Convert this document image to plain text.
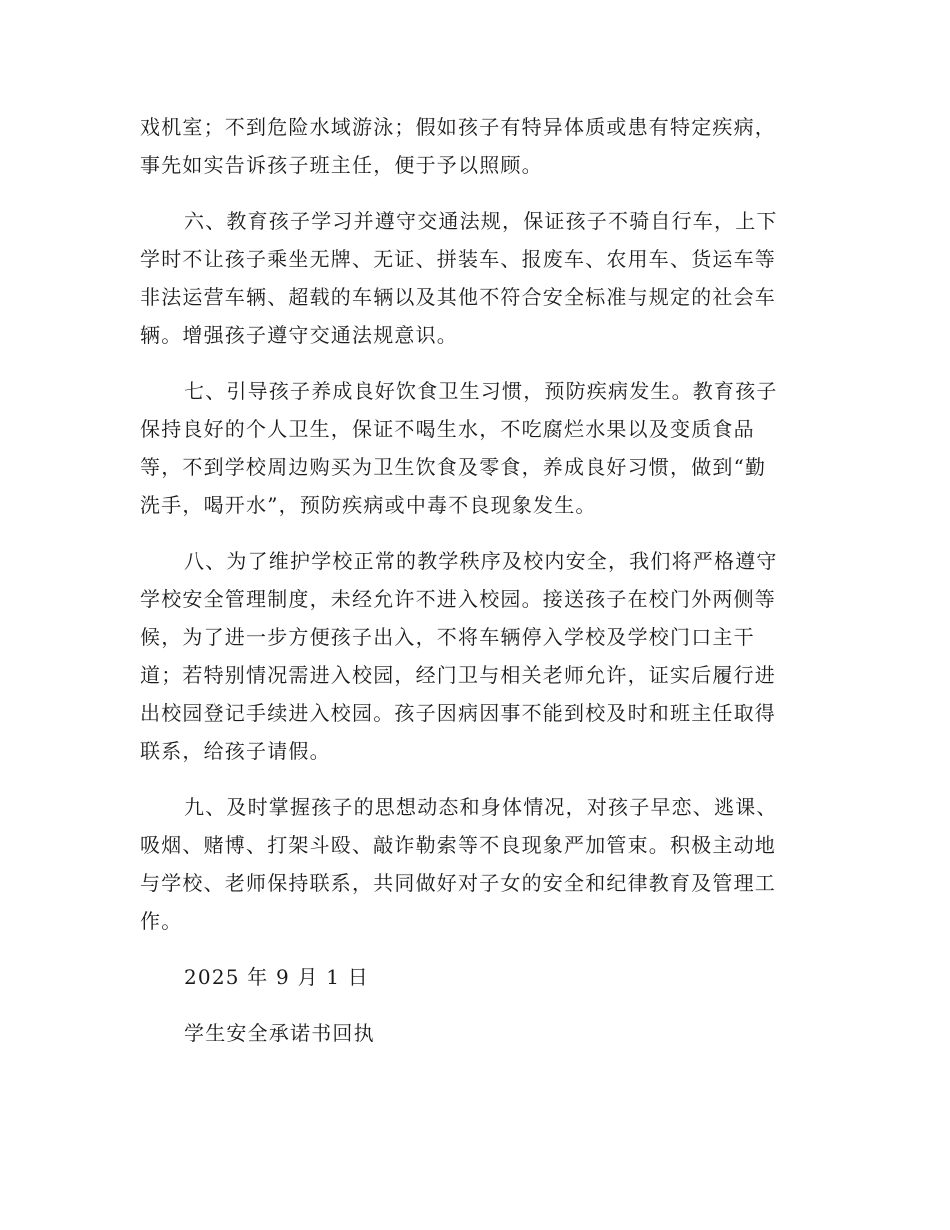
戏机室；不到危险水域游泳；假如孩子有特异体质或患有特定疾病，
事先如实告诉孩子班主任，便于予以照顾。

六、教育孩子学习并遵守交通法规，保证孩子不骑自行车，上下
学时不让孩子乘坐无牌、无证、拼装车、报废车、农用车、货运车等
非法运营车辆、超载的车辆以及其他不符合安全标准与规定的社会车
辆。增强孩子遵守交通法规意识。

七、引导孩子养成良好饮食卫生习惯，预防疾病发生。教育孩子
保持良好的个人卫生，保证不喝生水，不吃腐烂水果以及变质食品
等，不到学校周边购买为卫生饮食及零食，养成良好习惯，做到“勤
洗手，喝开水”，预防疾病或中毒不良现象发生。

八、为了维护学校正常的教学秩序及校内安全，我们将严格遵守
学校安全管理制度，未经允许不进入校园。接送孩子在校门外两侧等
候，为了进一步方便孩子出入，不将车辆停入学校及学校门口主干
道；若特别情况需进入校园，经门卫与相关老师允许，证实后履行进
出校园登记手续进入校园。孩子因病因事不能到校及时和班主任取得
联系，给孩子请假。

九、及时掌握孩子的思想动态和身体情况，对孩子早恋、逃课、
吸烟、赌博、打架斗殴、敲诈勒索等不良现象严加管束。积极主动地
与学校、老师保持联系，共同做好对子女的安全和纪律教育及管理工
作。

2025 年 9 月 1 日

学生安全承诺书回执
